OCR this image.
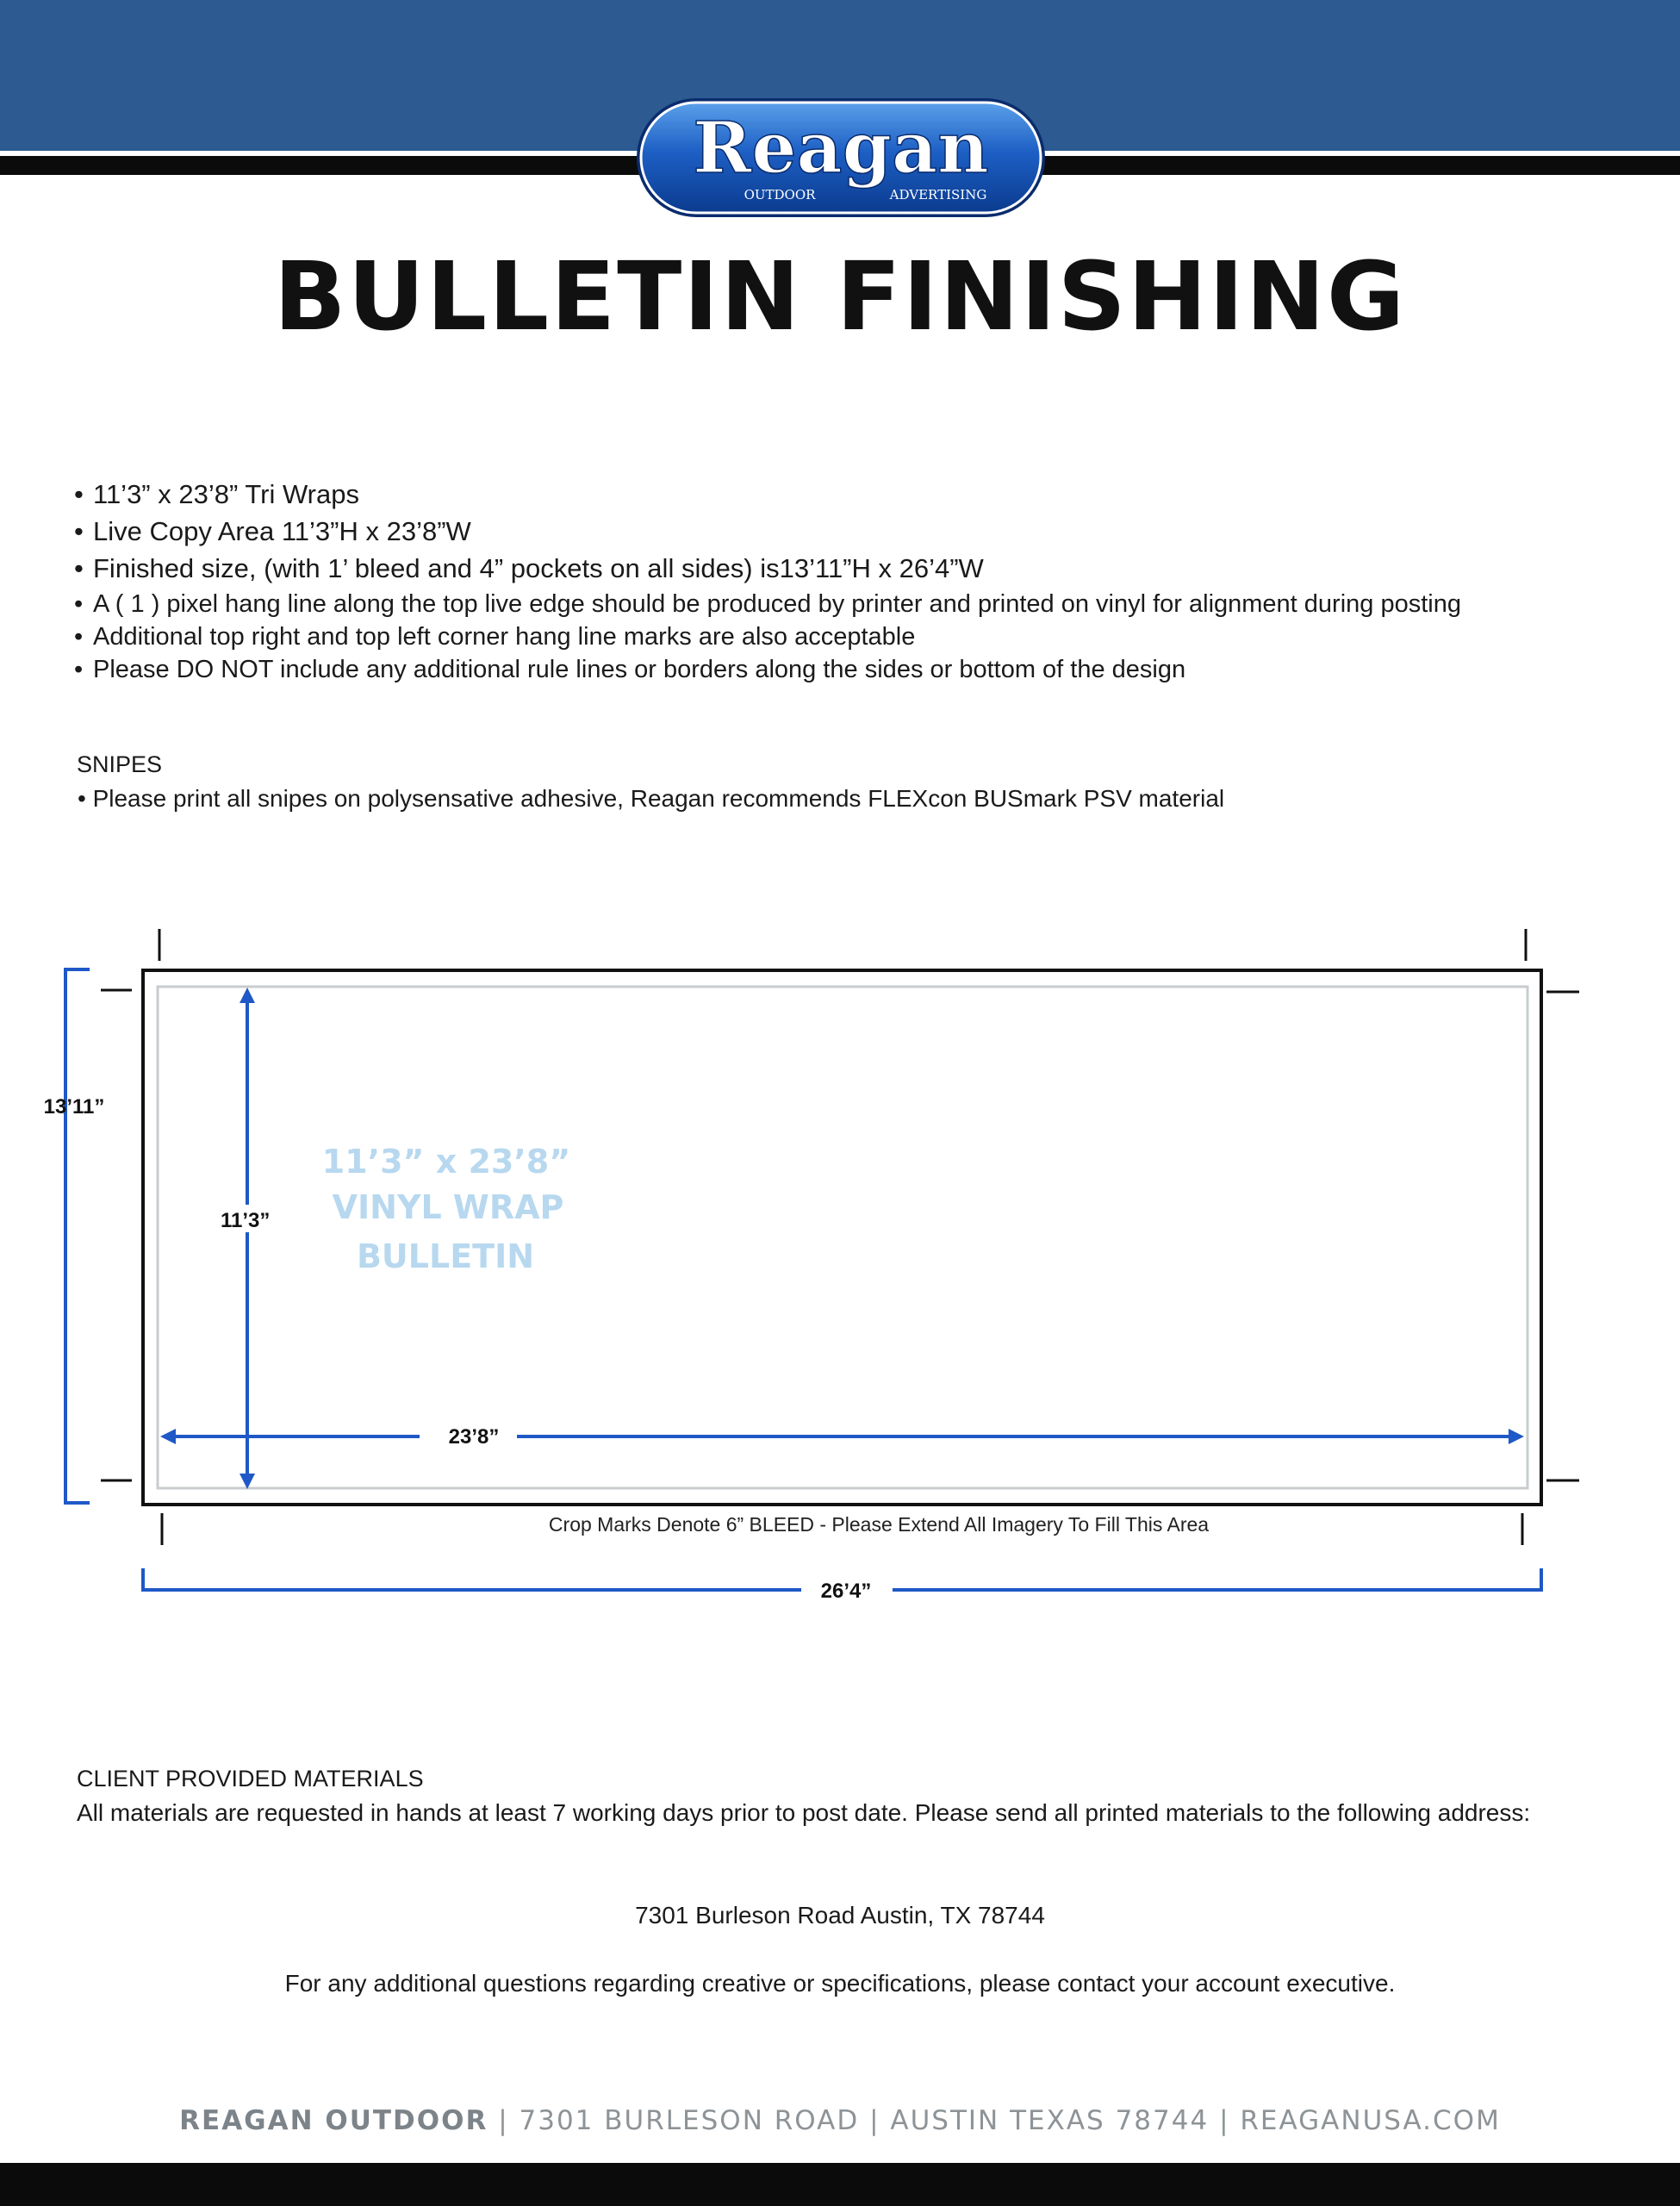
Reagan
OUTDOOR	ADVERTISING
BULLETIN FINISHING
• 11’3” x 23’8” Tri Wraps
• Live Copy Area 11’3”H x 23’8”W
• Finished size, (with 1’ bleed and 4” pockets on all sides) is13’11”H x 26’4”W
• A ( 1 ) pixel hang line along the top live edge should be produced by printer and printed on vinyl for alignment during posting
• Additional top right and top left corner hang line marks are also acceptable
• Please DO NOT include any additional rule lines or borders along the sides or bottom of the design
SNIPES
• Please print all snipes on polysensative adhesive, Reagan recommends FLEXcon BUSmark PSV material
13’11”
11’3”
23’8”
11’3” x 23’8”
VINYL WRAP
BULLETIN
Crop Marks Denote 6” BLEED - Please Extend All Imagery To Fill This Area
26’4”
CLIENT PROVIDED MATERIALS
All materials are requested in hands at least 7 working days prior to post date. Please send all printed materials to the following address:
7301 Burleson Road Austin, TX 78744
For any additional questions regarding creative or specifications, please contact your account executive.
REAGAN OUTDOOR | 7301 BURLESON ROAD | AUSTIN TEXAS 78744 | REAGANUSA.COM
